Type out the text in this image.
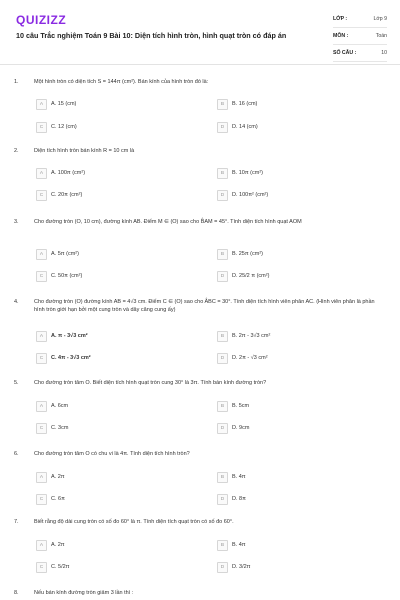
QUIZIZZ
10 câu Trắc nghiệm Toán 9 Bài 10: Diện tích hình tròn, hình quạt tròn có đáp án
LỚP :	Lớp 9
MÔN :	Toán
SỐ CÂU :	10
1.	Một hình tròn có diện tích S = 144π (cm²). Bán kính của hình tròn đó là:
A	A. 15 (cm)	B	B. 16 (cm)
C	C. 12 (cm)	D	D. 14 (cm)
2.	Diện tích hình tròn bán kính R = 10 cm là
A	A. 100π (cm²)	B	B. 10π (cm²)
C	C. 20π (cm²)	D	D. 100π² (cm²)
3.	Cho đường tròn (O, 10 cm), đường kính AB. Điểm M ∈ (O) sao cho B̂AM = 45°. Tính diện tích hình quạt AOM
A	A. 5π (cm²)	B	B. 25π (cm²)
C	C. 50π (cm²)	D	D. 25/2 π (cm²)
4.	Cho đường tròn (O) đường kính AB = 4√3 cm. Điểm C ∈ (O) sao cho A​̂BC = 30°. Tính diện tích hình viên phân AC. (Hình viên phân là phần hình tròn giới hạn bởi một cung tròn và dây căng cung ấy)
A	A. π - 3√3 cm²	B	B. 2π - 3√3 cm²
C	C. 4π - 3√3 cm²	D	D. 2π - √3 cm²
5.	Cho đường tròn tâm O. Biết diện tích hình quạt tròn cung 30° là 3π. Tính bán kính đường tròn?
A	A. 6cm	B	B. 5cm
C	C. 3cm	D	D. 9cm
6.	Cho đường tròn tâm O có chu vi là 4π. Tính diện tích hình tròn?
A	A. 2π	B	B. 4π
C	C. 6π	D	D. 8π
7.	Biết rằng độ dài cung tròn có số đo 60° là π. Tính diện tích quạt tròn có số đo 60°.
A	A. 2π	B	B. 4π
C	C. 5/2π	D	D. 3/2π
8.	Nếu bán kính đường tròn giảm 3 lần thì :
